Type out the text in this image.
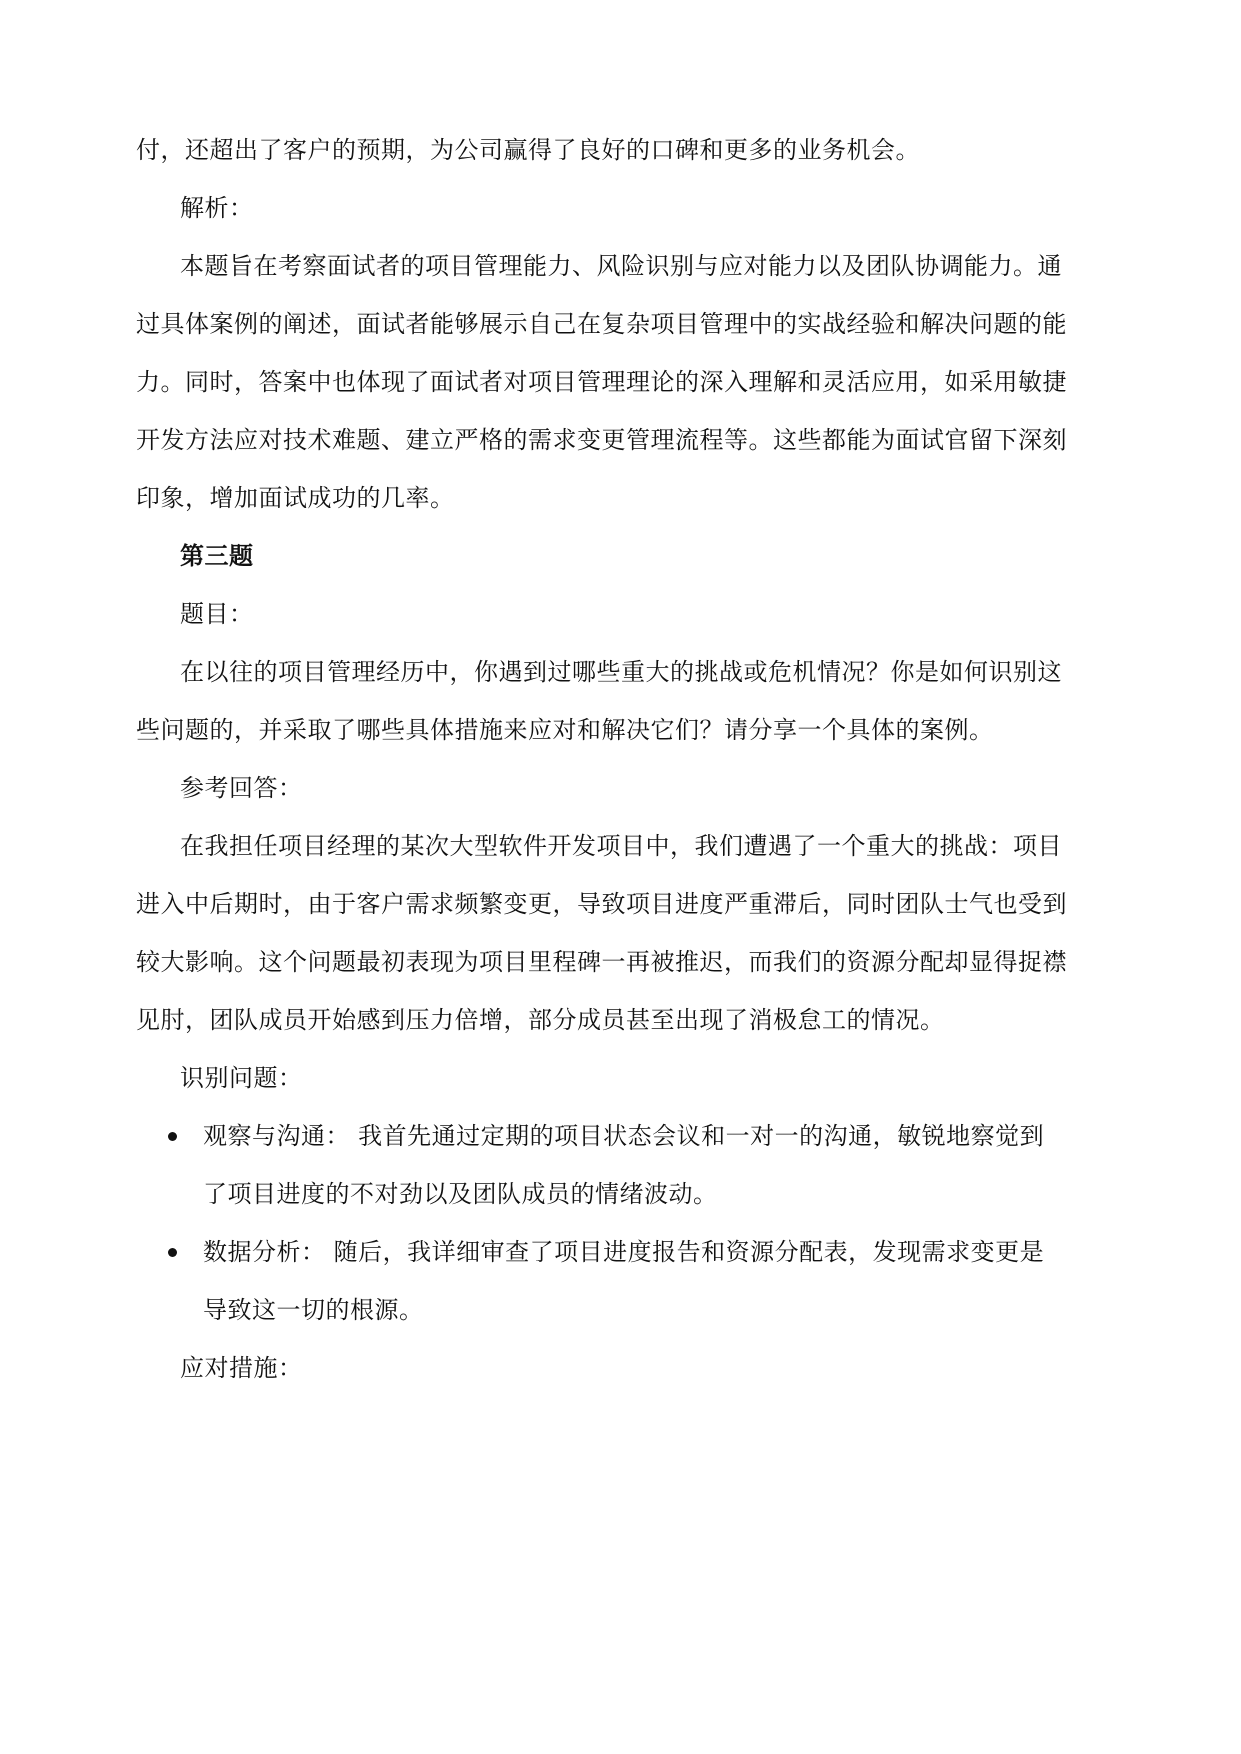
付，还超出了客户的预期，为公司赢得了良好的口碑和更多的业务机会。
解析：
本题旨在考察面试者的项目管理能力、风险识别与应对能力以及团队协调能力。通
过具体案例的阐述，面试者能够展示自己在复杂项目管理中的实战经验和解决问题的能
力。同时，答案中也体现了面试者对项目管理理论的深入理解和灵活应用，如采用敏捷
开发方法应对技术难题、建立严格的需求变更管理流程等。这些都能为面试官留下深刻
印象，增加面试成功的几率。
第三题
题目：
在以往的项目管理经历中，你遇到过哪些重大的挑战或危机情况？你是如何识别这
些问题的，并采取了哪些具体措施来应对和解决它们？请分享一个具体的案例。
参考回答：
在我担任项目经理的某次大型软件开发项目中，我们遭遇了一个重大的挑战：项目
进入中后期时，由于客户需求频繁变更，导致项目进度严重滞后，同时团队士气也受到
较大影响。这个问题最初表现为项目里程碑一再被推迟，而我们的资源分配却显得捉襟
见肘，团队成员开始感到压力倍增，部分成员甚至出现了消极怠工的情况。
识别问题：
观察与沟通： 我首先通过定期的项目状态会议和一对一的沟通，敏锐地察觉到
了项目进度的不对劲以及团队成员的情绪波动。
数据分析： 随后，我详细审查了项目进度报告和资源分配表，发现需求变更是
导致这一切的根源。
应对措施：
